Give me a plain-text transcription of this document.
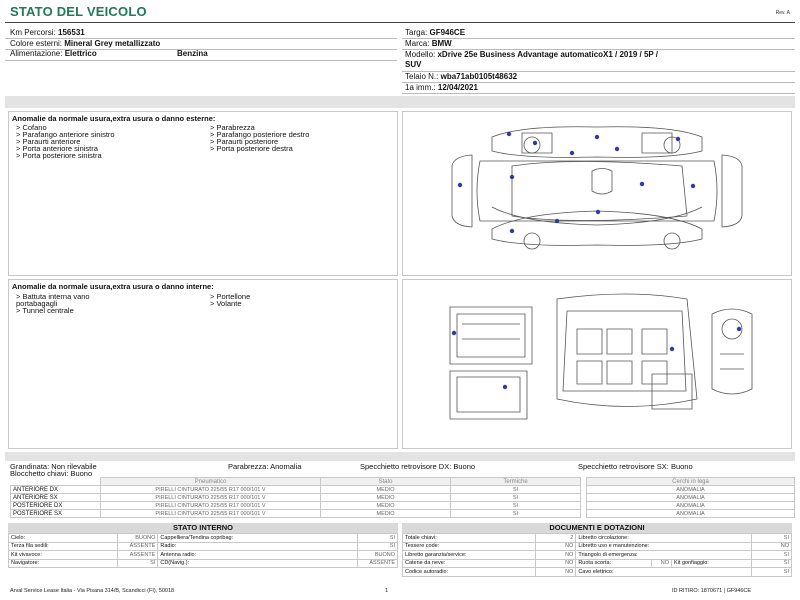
STATO DEL VEICOLO	Rev. A
Km Percorsi: 156531
Colore esterni: Mineral Grey metallizzato
Alimentazione: Elettrico	Benzina
Targa: GF946CE
Marca: BMW
Modello: xDrive 25e Business Advantage automaticoX1 / 2019 / 5P /
SUV
Telaio N.: wba71ab0105t48632
1a imm.: 12/04/2021
Anomalie da normale usura,extra usura o danno esterne:
> Cofano
> Parafango anteriore sinistro
> Paraurti anteriore
> Porta anteriore sinistra
> Porta posteriore sinistra
> Parabrezza
> Parafango posteriore destro
> Paraurti posteriore
> Porta posteriore destra
Anomalie da normale usura,extra usura o danno interne:
> Battuta interna vano
portabagagli
> Tunnel centrale
> Portellone
> Volante
Grandinata: Non rilevabile	Parabrezza: Anomalia	Specchietto retrovisore DX: Buono	Specchietto retrovisore SX: Buono
Blocchetto chiavi: Buono
	Pneumatico	Stato	Termiche		Cerchi in lega
ANTERIORE DX	PIRELLI CINTURATO 225/55 R17 000/101 V	MEDIO	SI		ANOMALIA
ANTERIORE SX	PIRELLI CINTURATO 225/55 R17 000/101 V	MEDIO	SI		ANOMALIA
POSTERIORE DX	PIRELLI CINTURATO 225/55 R17 000/101 V	MEDIO	SI		ANOMALIA
POSTERIORE SX	PIRELLI CINTURATO 225/55 R17 000/101 V	MEDIO	SI		ANOMALIA
STATO INTERNO
Cielo:	BUONO	Cappelliera/Tendina copribag:	SI
Terza fila sedili:	ASSENTE	Radio:	SI
Kit vivavoce:	ASSENTE	Antenna radio:	BUONO
Navigatore:	SI	CD(Navig.):	ASSENTE
DOCUMENTI E DOTAZIONI
Totale chiavi:	2	Libretto circolazione:			SI
Tessere code:	NO	Libretto uso e manutenzione:			NO
Libretto garanzia/service:	NO	Triangolo di emergenza:			SI
Catene da neve:	NO	Ruota scorta:	NO	Kit gonfiaggio:	SI
Codice autoradio:	NO	Cavo elettrico:			SI
Arval Service Lease Italia - Via Pisana 314/B, Scandicci (FI), 50018	1	ID RITIRO: 1870671 | GF946CE
